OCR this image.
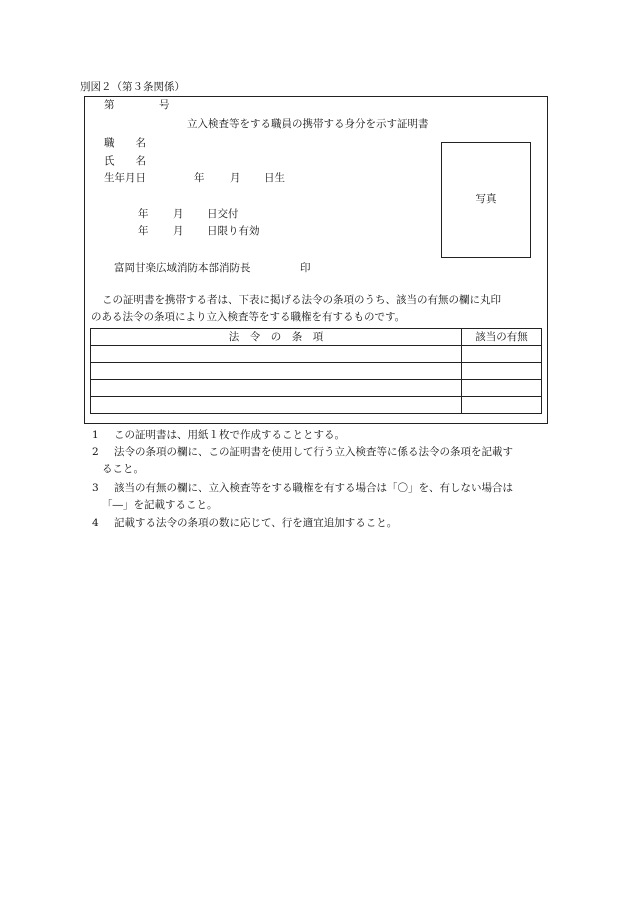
別図２（第３条関係）
第	号
立入検査等をする職員の携帯する身分を示す証明書
職　　名
氏　　名
生年月日	年 月 日生
年 月 日交付
年 月 日限り有効
富岡甘楽広域消防本部消防長	印
写真
この証明書を携帯する者は、下表に掲げる法令の条項のうち、該当の有無の欄に丸印
のある法令の条項により立入検査等をする職権を有するものです。
法　令　の　条　項	該当の有無

1 この証明書は、用紙１枚で作成することとする。
2 法令の条項の欄に、この証明書を使用して行う立入検査等に係る法令の条項を記載す
ること。
3 該当の有無の欄に、立入検査等をする職権を有する場合は「〇」を、有しない場合は
「―」を記載すること。
4 記載する法令の条項の数に応じて、行を適宜追加すること。
